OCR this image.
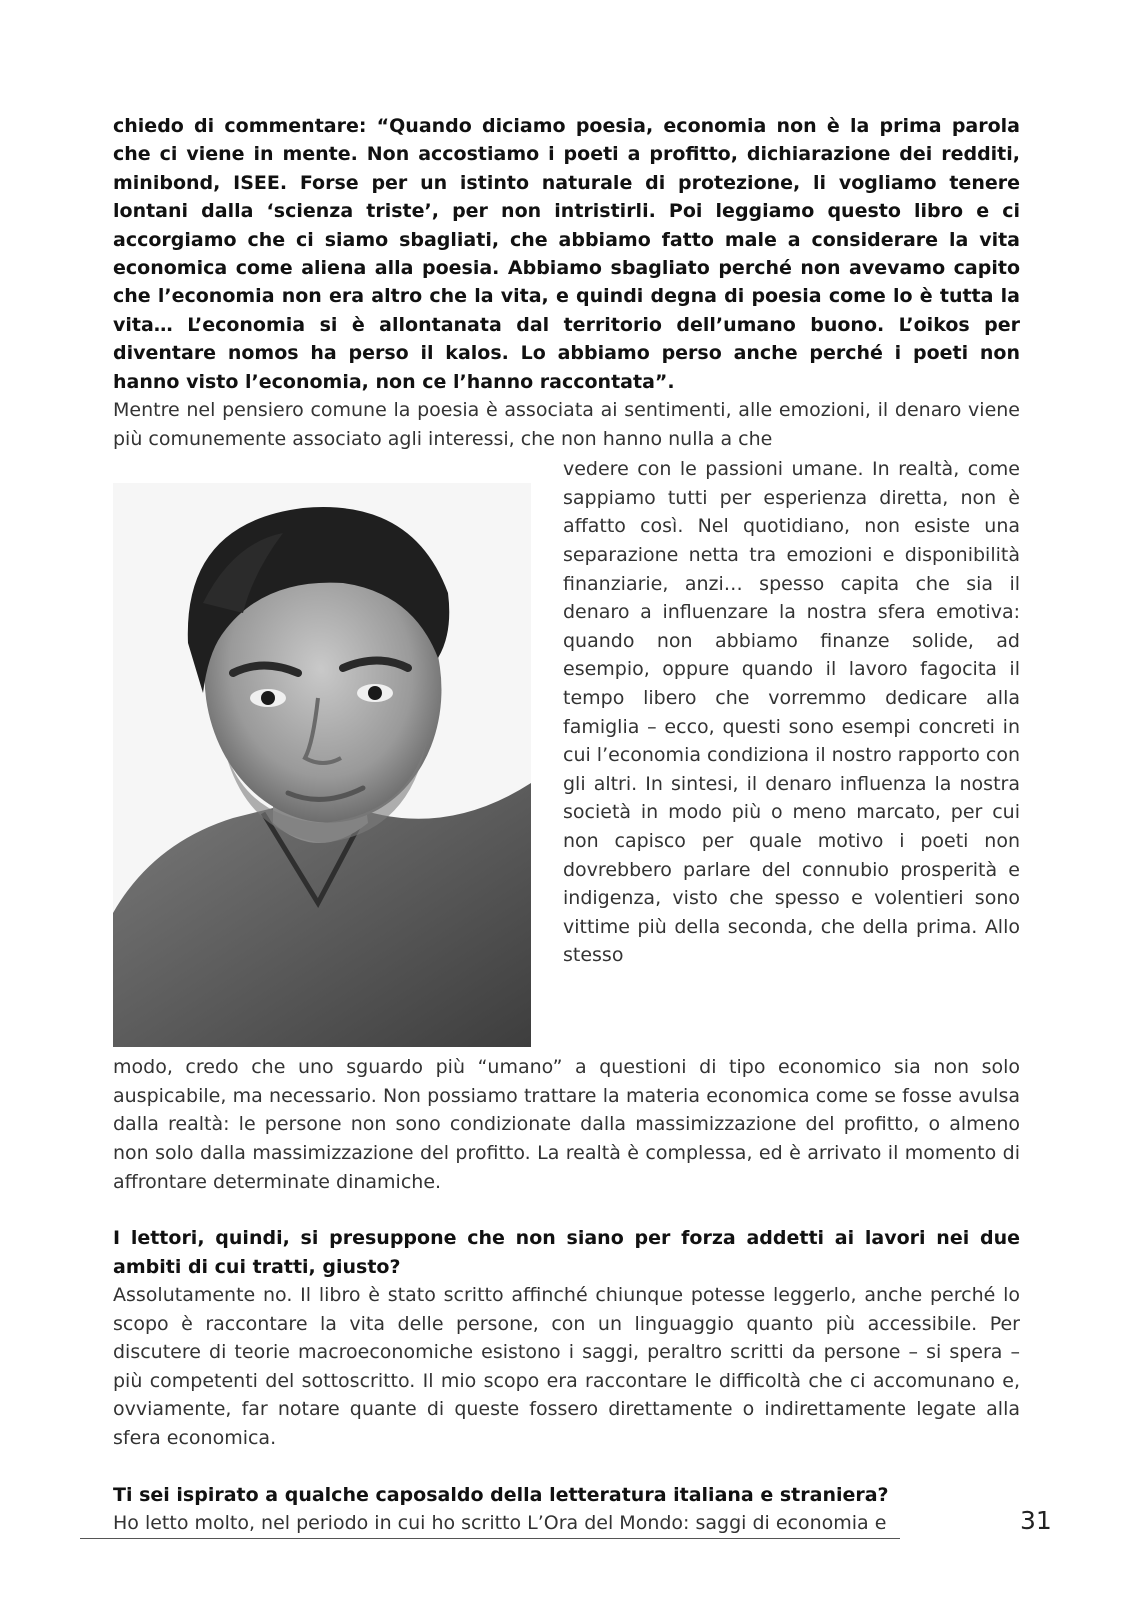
chiedo di commentare: “Quando diciamo poesia, economia non è la prima parola che ci viene in mente. Non accostiamo i poeti a profitto, dichiarazione dei redditi, minibond, ISEE. Forse per un istinto naturale di protezione, li vogliamo tenere lontani dalla ‘scienza triste’, per non intristirli. Poi leggiamo questo libro e ci accorgiamo che ci siamo sbagliati, che abbiamo fatto male a considerare la vita economica come aliena alla poesia. Abbiamo sbagliato perché non avevamo capito che l’economia non era altro che la vita, e quindi degna di poesia come lo è tutta la vita… L’economia si è allontanata dal territorio dell’umano buono. L’oikos per diventare nomos ha perso il kalos. Lo abbiamo perso anche perché i poeti non hanno visto l’economia, non ce l’hanno raccontata”.

Mentre nel pensiero comune la poesia è associata ai sentimenti, alle emozioni, il denaro viene più comunemente associato agli interessi, che non hanno nulla a che

vedere con le passioni umane. In realtà, come sappiamo tutti per esperienza diretta, non è affatto così. Nel quotidiano, non esiste una separazione netta tra emozioni e disponibilità finanziarie, anzi… spesso capita che sia il denaro a influenzare la nostra sfera emotiva: quando non abbiamo finanze solide, ad esempio, oppure quando il lavoro fagocita il tempo libero che vorremmo dedicare alla famiglia – ecco, questi sono esempi concreti in cui l’economia condiziona il nostro rapporto con gli altri. In sintesi, il denaro influenza la nostra società in modo più o meno marcato, per cui non capisco per quale motivo i poeti non dovrebbero parlare del connubio prosperità e indigenza, visto che spesso e volentieri sono vittime più della seconda, che della prima. Allo stesso

modo, credo che uno sguardo più “umano” a questioni di tipo economico sia non solo auspicabile, ma necessario. Non possiamo trattare la materia economica come se fosse avulsa dalla realtà: le persone non sono condizionate dalla massimizzazione del profitto, o almeno non solo dalla massimizzazione del profitto. La realtà è complessa, ed è arrivato il momento di affrontare determinate dinamiche.

I lettori, quindi, si presuppone che non siano per forza addetti ai lavori nei due ambiti di cui tratti, giusto?

Assolutamente no. Il libro è stato scritto affinché chiunque potesse leggerlo, anche perché lo scopo è raccontare la vita delle persone, con un linguaggio quanto più accessibile. Per discutere di teorie macroeconomiche esistono i saggi, peraltro scritti da persone – si spera – più competenti del sottoscritto. Il mio scopo era raccontare le difficoltà che ci accomunano e, ovviamente, far notare quante di queste fossero direttamente o indirettamente legate alla sfera economica.

Ti sei ispirato a qualche caposaldo della letteratura italiana e straniera?

Ho letto molto, nel periodo in cui ho scritto L’Ora del Mondo: saggi di economia e	31
